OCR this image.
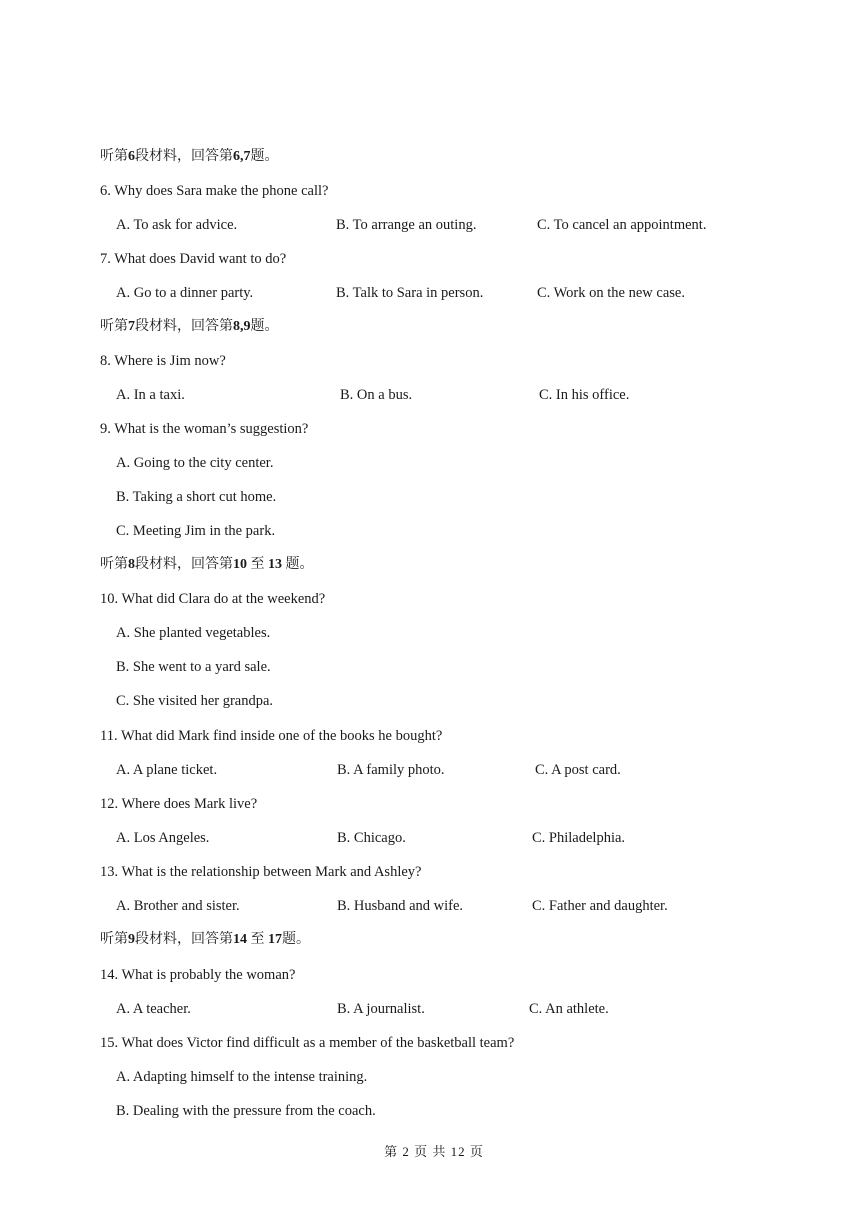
听第6段材料，回答第6,7题。
6. Why does Sara make the phone call?
A. To ask for advice.	B. To arrange an outing.	C. To cancel an appointment.
7. What does David want to do?
A. Go to a dinner party.	B. Talk to Sara in person.	C. Work on the new case.
听第7段材料，回答第8,9题。
8. Where is Jim now?
A. In a taxi.	B. On a bus.	C. In his office.
9. What is the woman’s suggestion?
A. Going to the city center.
B. Taking a short cut home.
C. Meeting Jim in the park.
听第8段材料，回答第10 至 13 题。
10. What did Clara do at the weekend?
A. She planted vegetables.
B. She went to a yard sale.
C. She visited her grandpa.
11. What did Mark find inside one of the books he bought?
A. A plane ticket.	B. A family photo.	C. A post card.
12. Where does Mark live?
A. Los Angeles.	B. Chicago.	C. Philadelphia.
13. What is the relationship between Mark and Ashley?
A. Brother and sister.	B. Husband and wife.	C. Father and daughter.
听第9段材料，回答第14 至 17题。
14. What is probably the woman?
A. A teacher.	B. A journalist.	C. An athlete.
15. What does Victor find difficult as a member of the basketball team?
A. Adapting himself to the intense training.
B. Dealing with the pressure from the coach.
第 2 页 共 12 页
